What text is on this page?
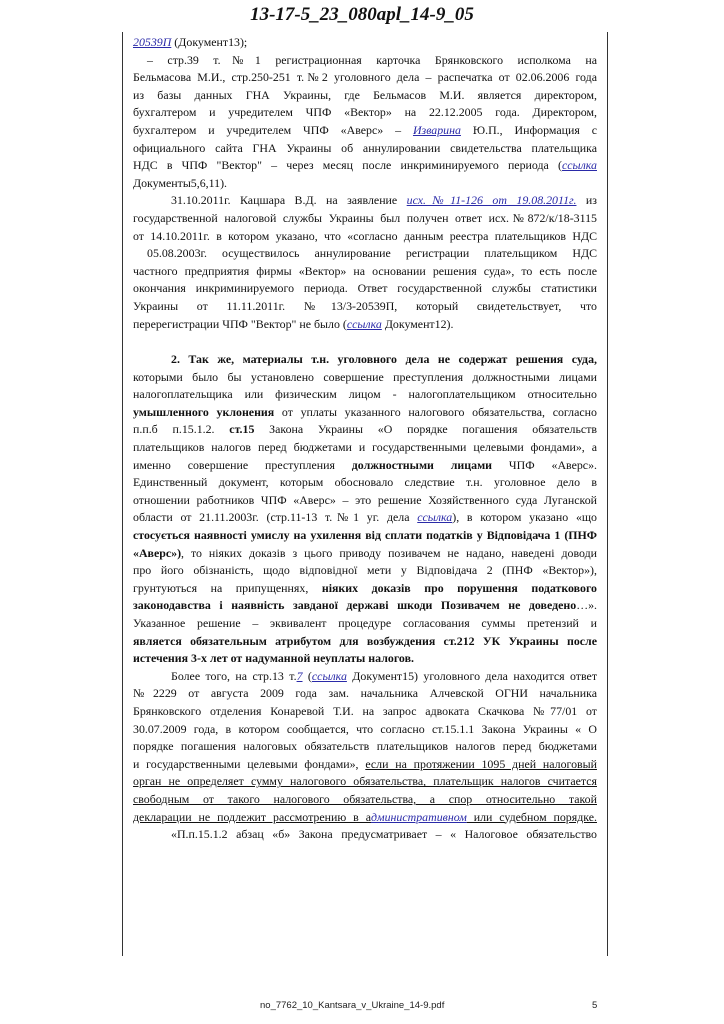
13-17-5_23_080apl_14-9_05
20539П (Документ13);
– стр.39 т.№1 регистрационная карточка Брянковского исполкома на
Бельмасова М.И., стр.250-251 т.№2 уголовного дела – распечатка от 02.06.2006 года
из базы данных ГНА Украины, где Бельмасов М.И. является директором,
бухгалтером и учредителем ЧПФ «Вектор» на 22.12.2005 года. Директором,
бухгалтером и учредителем ЧПФ «Аверс» – Изварина Ю.П., Информация с
официального сайта ГНА Украины об аннулировании свидетельства плательщика
НДС в ЧПФ "Вектор" – через месяц после инкриминируемого периода (ссылка
Документы5,6,11).
31.10.2011г. Кацшара В.Д. на заявление исх.№11-126 от 19.08.2011г. из
государственной налоговой службы Украины был получен ответ исх.№872/к/18-3115
от 14.10.2011г. в котором указано, что «согласно данным реестра плательщиков НДС
05.08.2003г. осуществилось аннулирование регистрации плательщиком НДС
частного предприятия фирмы «Вектор» на основании решения суда», то есть после
окончания инкриминируемого периода. Ответ государственной службы статистики
Украины от 11.11.2011г. №13/3-20539П, который свидетельствует, что
перерегистрации ЧПФ "Вектор" не было (ссылка Документ12).
2. Так же, материалы т.н. уголовного дела не содержат решения суда,
которыми было бы установлено совершение преступления должностными лицами
налогоплательщика или физическим лицом - налогоплательщиком относительно
умышленного уклонения от уплаты указанного налогового обязательства, согласно
п.п.б п.15.1.2. ст.15 Закона Украины «О порядке погашения обязательств
плательщиков налогов перед бюджетами и государственными целевыми фондами», а
именно совершение преступления должностными лицами ЧПФ «Аверс».
Единственный документ, которым обосновало следствие т.н. уголовное дело в
отношении работников ЧПФ «Аверс» – это решение Хозяйственного суда Луганской
области от 21.11.2003г. (стр.11-13 т.№1 уг. дела ссылка), в котором указано «що
стосується наявності умислу на ухилення від сплати податків у Відповідача 1 (ПНФ
«Аверс»), то ніяких доказів з цього приводу позивачем не надано, наведені доводи
про його обізнаність, щодо відповідної мети у Відповідача 2 (ПНФ «Вектор»),
грунтуються на припущеннях, ніяких доказів про порушення податкового
законодавства і наявність завданої державі шкоди Позивачем не доведено…».
Указанное решение – эквивалент процедуре согласования суммы претензий и
является обязательным атрибутом для возбуждения ст.212 УК Украины после
истечения 3-х лет от надуманной неуплаты налогов.
Более того, на стр.13 т.7 (ссылка Документ15) уголовного дела находится ответ
№2229 от августа 2009 года зам. начальника Алчевской ОГНИ начальника
Брянковского отделения Конаревой Т.И. на запрос адвоката Скачкова №77/01 от
30.07.2009 года, в котором сообщается, что согласно ст.15.1.1 Закона Украины « О
порядке погашения налоговых обязательств плательщиков налогов перед бюджетами
и государственными целевыми фондами», если на протяжении 1095 дней налоговый
орган не определяет сумму налогового обязательства, плательщик налогов считается
свободным от такого налогового обязательства, а спор относительно такой
декларации не подлежит рассмотрению в административном или судебном порядке.
«П.п.15.1.2 абзац «б» Закона предусматривает – « Налоговое обязательство
no_7762_10_Kantsara_v_Ukraine_14-9.pdf	5
